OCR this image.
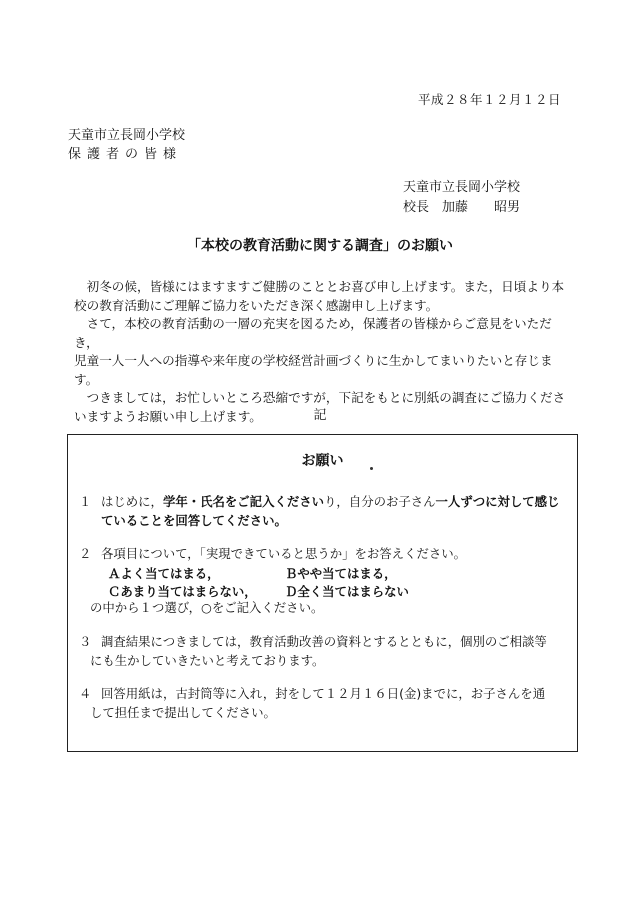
平成２８年１２月１２日
天童市立長岡小学校
保護者の皆様
天童市立長岡小学校
校長　加藤　　昭男
「本校の教育活動に関する調査」のお願い

　初冬の候，皆様にはますますご健勝のこととお喜び申し上げます。また，日頃より本

校の教育活動にご理解ご協力をいただき深く感謝申し上げます。

　さて，本校の教育活動の一層の充実を図るため，保護者の皆様からご意見をいただき，

児童一人一人への指導や来年度の学校経営計画づくりに生かしてまいりたいと存じます。

　つきましては，お忙しいところ恐縮ですが，下記をもとに別紙の調査にご協力くださ

いますようお願い申し上げます。	記
お願い
１ はじめに，学年・氏名をご記入くださいり，自分のお子さん一人ずつに対して感じ
ていることを回答してください。
２ 各項目について，「実現できていると思うか」をお答えください。
Ａよく当てはまる，	Ｂやや当てはまる，
Ｃあまり当てはまらない， Ｄ全く当てはまらない
の中から１つ選び，○をご記入ください。
３ 調査結果につきましては，教育活動改善の資料とするとともに，個別のご相談等
にも生かしていきたいと考えております。
４ 回答用紙は，古封筒等に入れ，封をして１２月１６日(金)までに，お子さんを通
して担任まで提出してください。
